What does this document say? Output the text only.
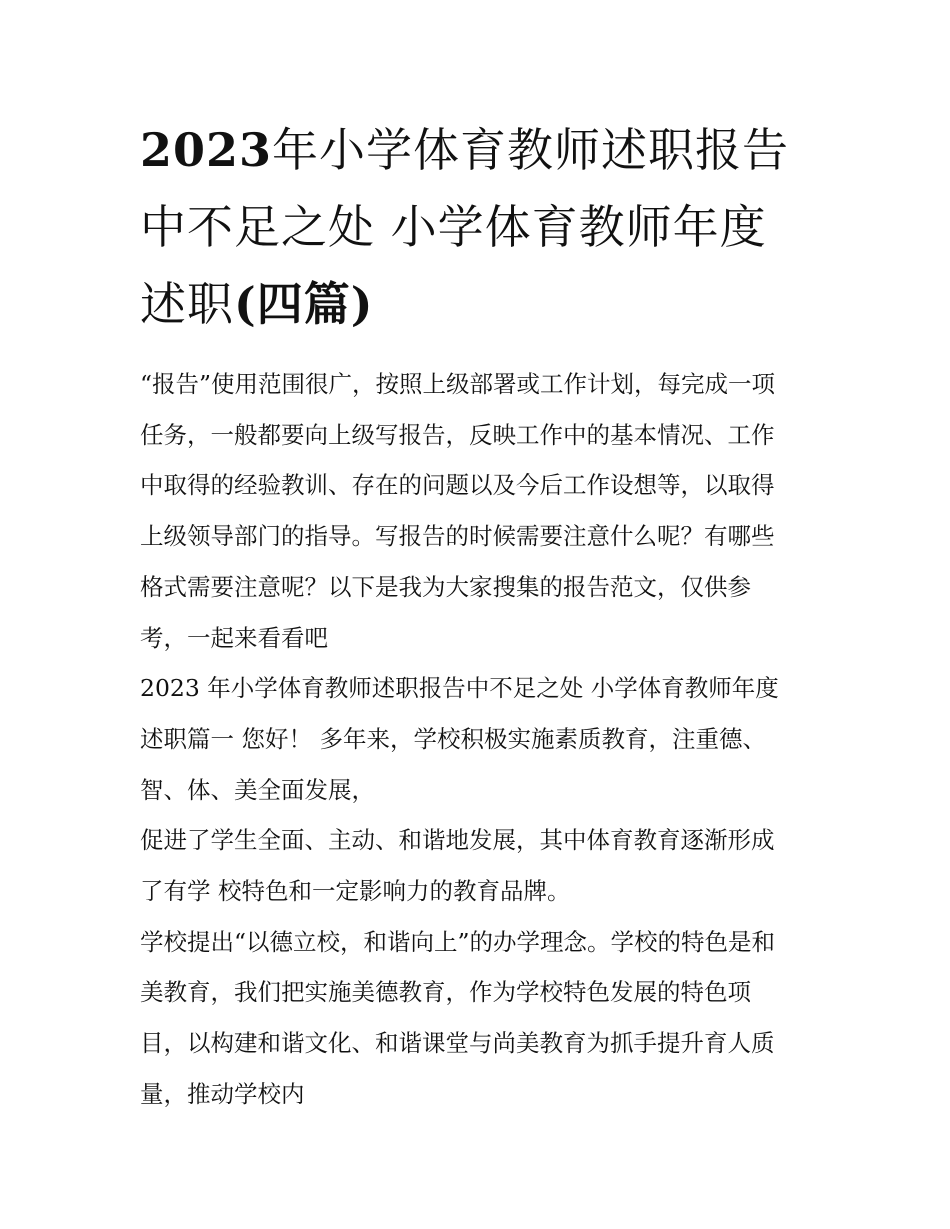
2023年小学体育教师述职报告
中不足之处 小学体育教师年度
述职(四篇)
“报告”使用范围很广，按照上级部署或工作计划，每完成一项
任务，一般都要向上级写报告，反映工作中的基本情况、工作
中取得的经验教训、存在的问题以及今后工作设想等，以取得
上级领导部门的指导。写报告的时候需要注意什么呢？有哪些
格式需要注意呢？以下是我为大家搜集的报告范文，仅供参
考，一起来看看吧
2023 年小学体育教师述职报告中不足之处 小学体育教师年度
述职篇一 您好！ 多年来，学校积极实施素质教育，注重德、
智、体、美全面发展，
促进了学生全面、主动、和谐地发展，其中体育教育逐渐形成
了有学 校特色和一定影响力的教育品牌。
学校提出“以德立校，和谐向上”的办学理念。学校的特色是和
美教育，我们把实施美德教育，作为学校特色发展的特色项
目，以构建和谐文化、和谐课堂与尚美教育为抓手提升育人质
量，推动学校内
